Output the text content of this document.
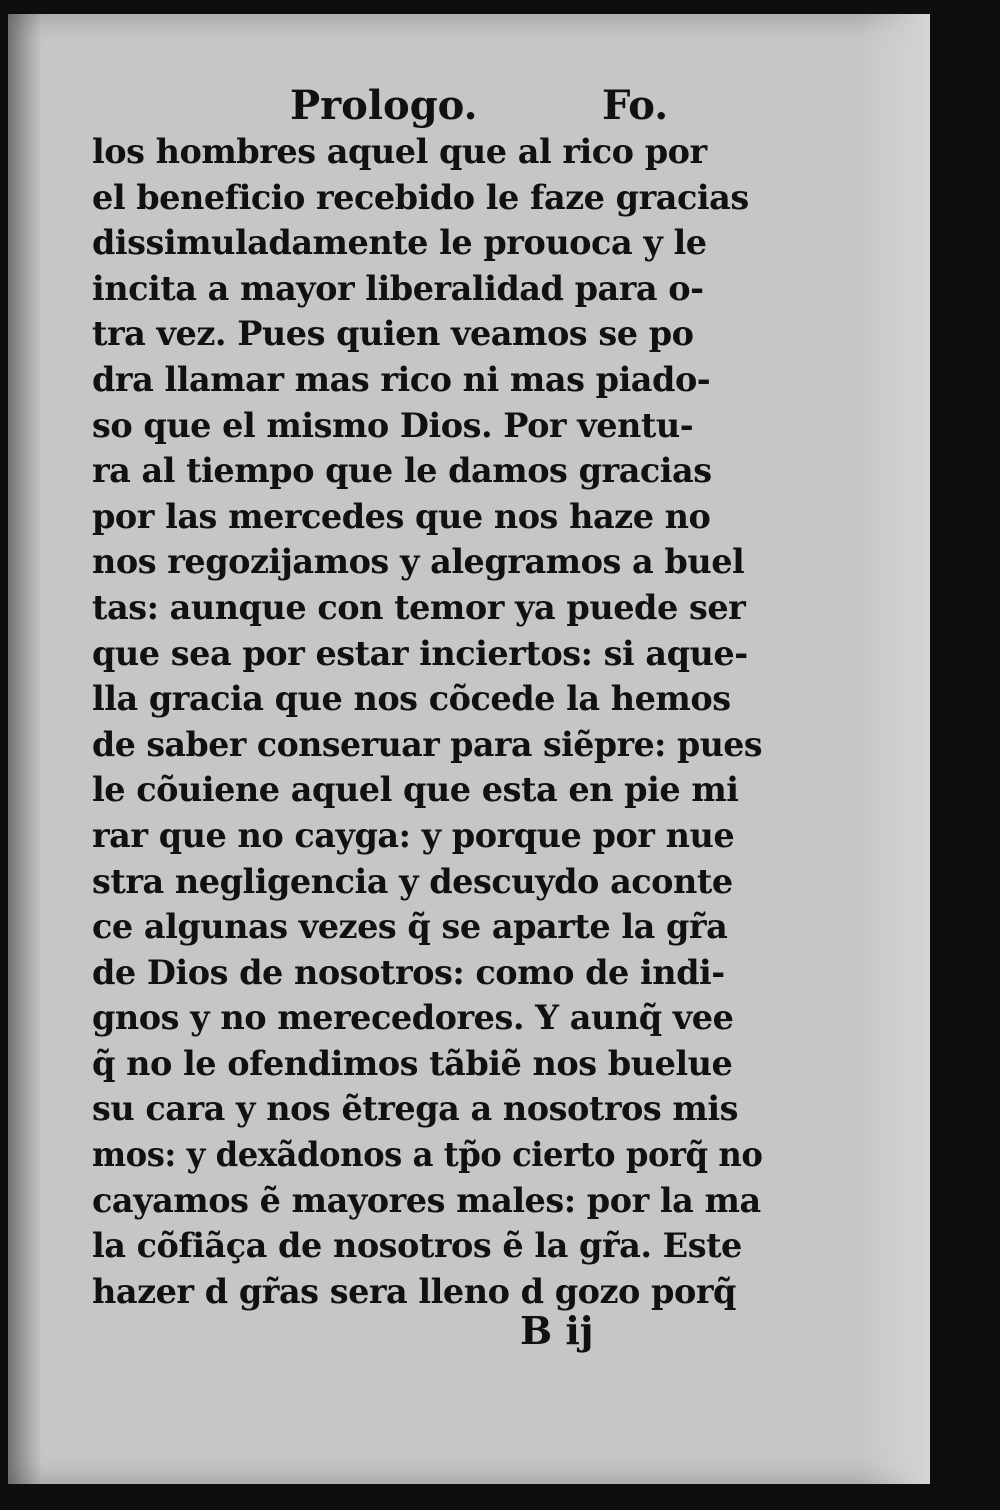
Prologo.	Fo.
los hombres aquel que al rico por
el beneficio recebido le faze gracias
dissimuladamente le prouoca y le
incita a mayor liberalidad para o-
tra vez. Pues quien veamos se po
dra llamar mas rico ni mas piado-
so que el mismo Dios. Por ventu-
ra al tiempo que le damos gracias
por las mercedes que nos haze no
nos regozijamos y alegramos a buel
tas: aunque con temor ya puede ser
que sea por estar inciertos: si aque-
lla gracia que nos cõcede la hemos
de saber conseruar para siẽpre: pues
le cõuiene aquel que esta en pie mi
rar que no cayga: y porque por nue
stra negligencia y descuydo aconte
ce algunas vezes q̃ se aparte la gr̃a
de Dios de nosotros: como de indi-
gnos y no merecedores. Y aunq̃ vee
q̃ no le ofendimos tãbiẽ nos buelue
su cara y nos ẽtrega a nosotros mis
mos: y dexãdonos a tp̃o cierto porq̃ no
cayamos ẽ mayores males: por la ma
la cõfiãça de nosotros ẽ la gr̃a. Este
hazer d gr̃as sera lleno d gozo porq̃
B ij
